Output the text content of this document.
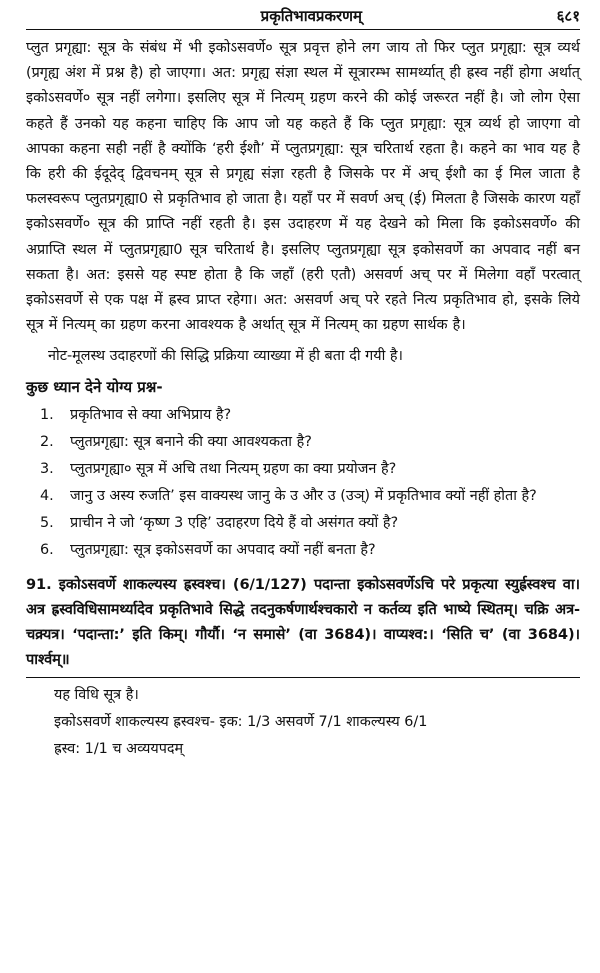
प्रकृतिभावप्रकरणम्	६८१
प्लुत प्रगृह्या: सूत्र के संबंध में भी इकोऽसवर्णे० सूत्र प्रवृत्त होने लग जाय तो फिर प्लुत प्रगृह्या: सूत्र व्यर्थ (प्रगृह्य अंश में प्रश्न है) हो जाएगा। अत: प्रगृह्य संज्ञा स्थल में सूत्रारम्भ सामर्थ्यात् ही ह्रस्व नहीं होगा अर्थात् इकोऽसवर्णे० सूत्र नहीं लगेगा। इसलिए सूत्र में नित्यम् ग्रहण करने की कोई जरूरत नहीं है। जो लोग ऐसा कहते हैं उनको यह कहना चाहिए कि आप जो यह कहते हैं कि प्लुत प्रगृह्या: सूत्र व्यर्थ हो जाएगा वो आपका कहना सही नहीं है क्योंकि ‘हरी ईशौ’ में प्लुतप्रगृह्या: सूत्र चरितार्थ रहता है। कहने का भाव यह है कि हरी की ईदूदेद् द्विवचनम् सूत्र से प्रगृह्य संज्ञा रहती है जिसके पर में अच् ईशौ का ई मिल जाता है फलस्वरूप प्लुतप्रगृह्या0 से प्रकृतिभाव हो जाता है। यहाँ पर में सवर्ण अच् (ई) मिलता है जिसके कारण यहाँ इकोऽसवर्णे० सूत्र की प्राप्ति नहीं रहती है। इस उदाहरण में यह देखने को मिला कि इकोऽसवर्णे० की अप्राप्ति स्थल में प्लुतप्रगृह्या0 सूत्र चरितार्थ है। इसलिए प्लुतप्रगृह्या सूत्र इकोसवर्णे का अपवाद नहीं बन सकता है। अत: इससे यह स्पष्ट होता है कि जहाँ (हरी एतौ) असवर्ण अच् पर में मिलेगा वहाँ परत्वात् इकोऽसवर्णे से एक पक्ष में ह्रस्व प्राप्त रहेगा। अत: असवर्ण अच् परे रहते नित्य प्रकृतिभाव हो, इसके लिये सूत्र में नित्यम् का ग्रहण करना आवश्यक है अर्थात् सूत्र में नित्यम् का ग्रहण सार्थक है।
नोट-मूलस्थ उदाहरणों की सिद्धि प्रक्रिया व्याख्या में ही बता दी गयी है।
कुछ ध्यान देने योग्य प्रश्न-
1.	प्रकृतिभाव से क्या अभिप्राय है?
2.	प्लुतप्रगृह्या: सूत्र बनाने की क्या आवश्यकता है?
3.	प्लुतप्रगृह्या० सूत्र में अचि तथा नित्यम् ग्रहण का क्या प्रयोजन है?
4.	जानु उ अस्य रुजति’ इस वाक्यस्थ जानु के उ और उ (उञ्) में प्रकृतिभाव क्यों नहीं होता है?
5.	प्राचीन ने जो ‘कृष्ण 3 एहि’ उदाहरण दिये हैं वो असंगत क्यों है?
6.	प्लुतप्रगृह्या: सूत्र इकोऽसवर्णे का अपवाद क्यों नहीं बनता है?
91. इकोऽसवर्णे शाकल्यस्य ह्रस्वश्च। (6/1/127) पदान्ता इकोऽसवर्णेऽचि परे प्रकृत्या स्युर्ह्रस्वश्च वा। अत्र ह्रस्वविधिसामर्थ्यादेव प्रकृतिभावे सिद्धे तदनुकर्षणार्थश्चकारो न कर्तव्य इति भाष्ये स्थितम्। चक्रि अत्र-चक्र्यत्र। ‘पदान्ता:’ इति किम्। गौर्यौ। ‘न समासे’ (वा 3684)। वाप्यश्व:। ‘सिति च’ (वा 3684)। पार्श्वम्॥
यह विधि सूत्र है।
इकोऽसवर्णे शाकल्यस्य ह्रस्वश्च- इक: 1/3 असवर्णे 7/1 शाकल्यस्य 6/1
ह्रस्व: 1/1 च अव्ययपदम्
